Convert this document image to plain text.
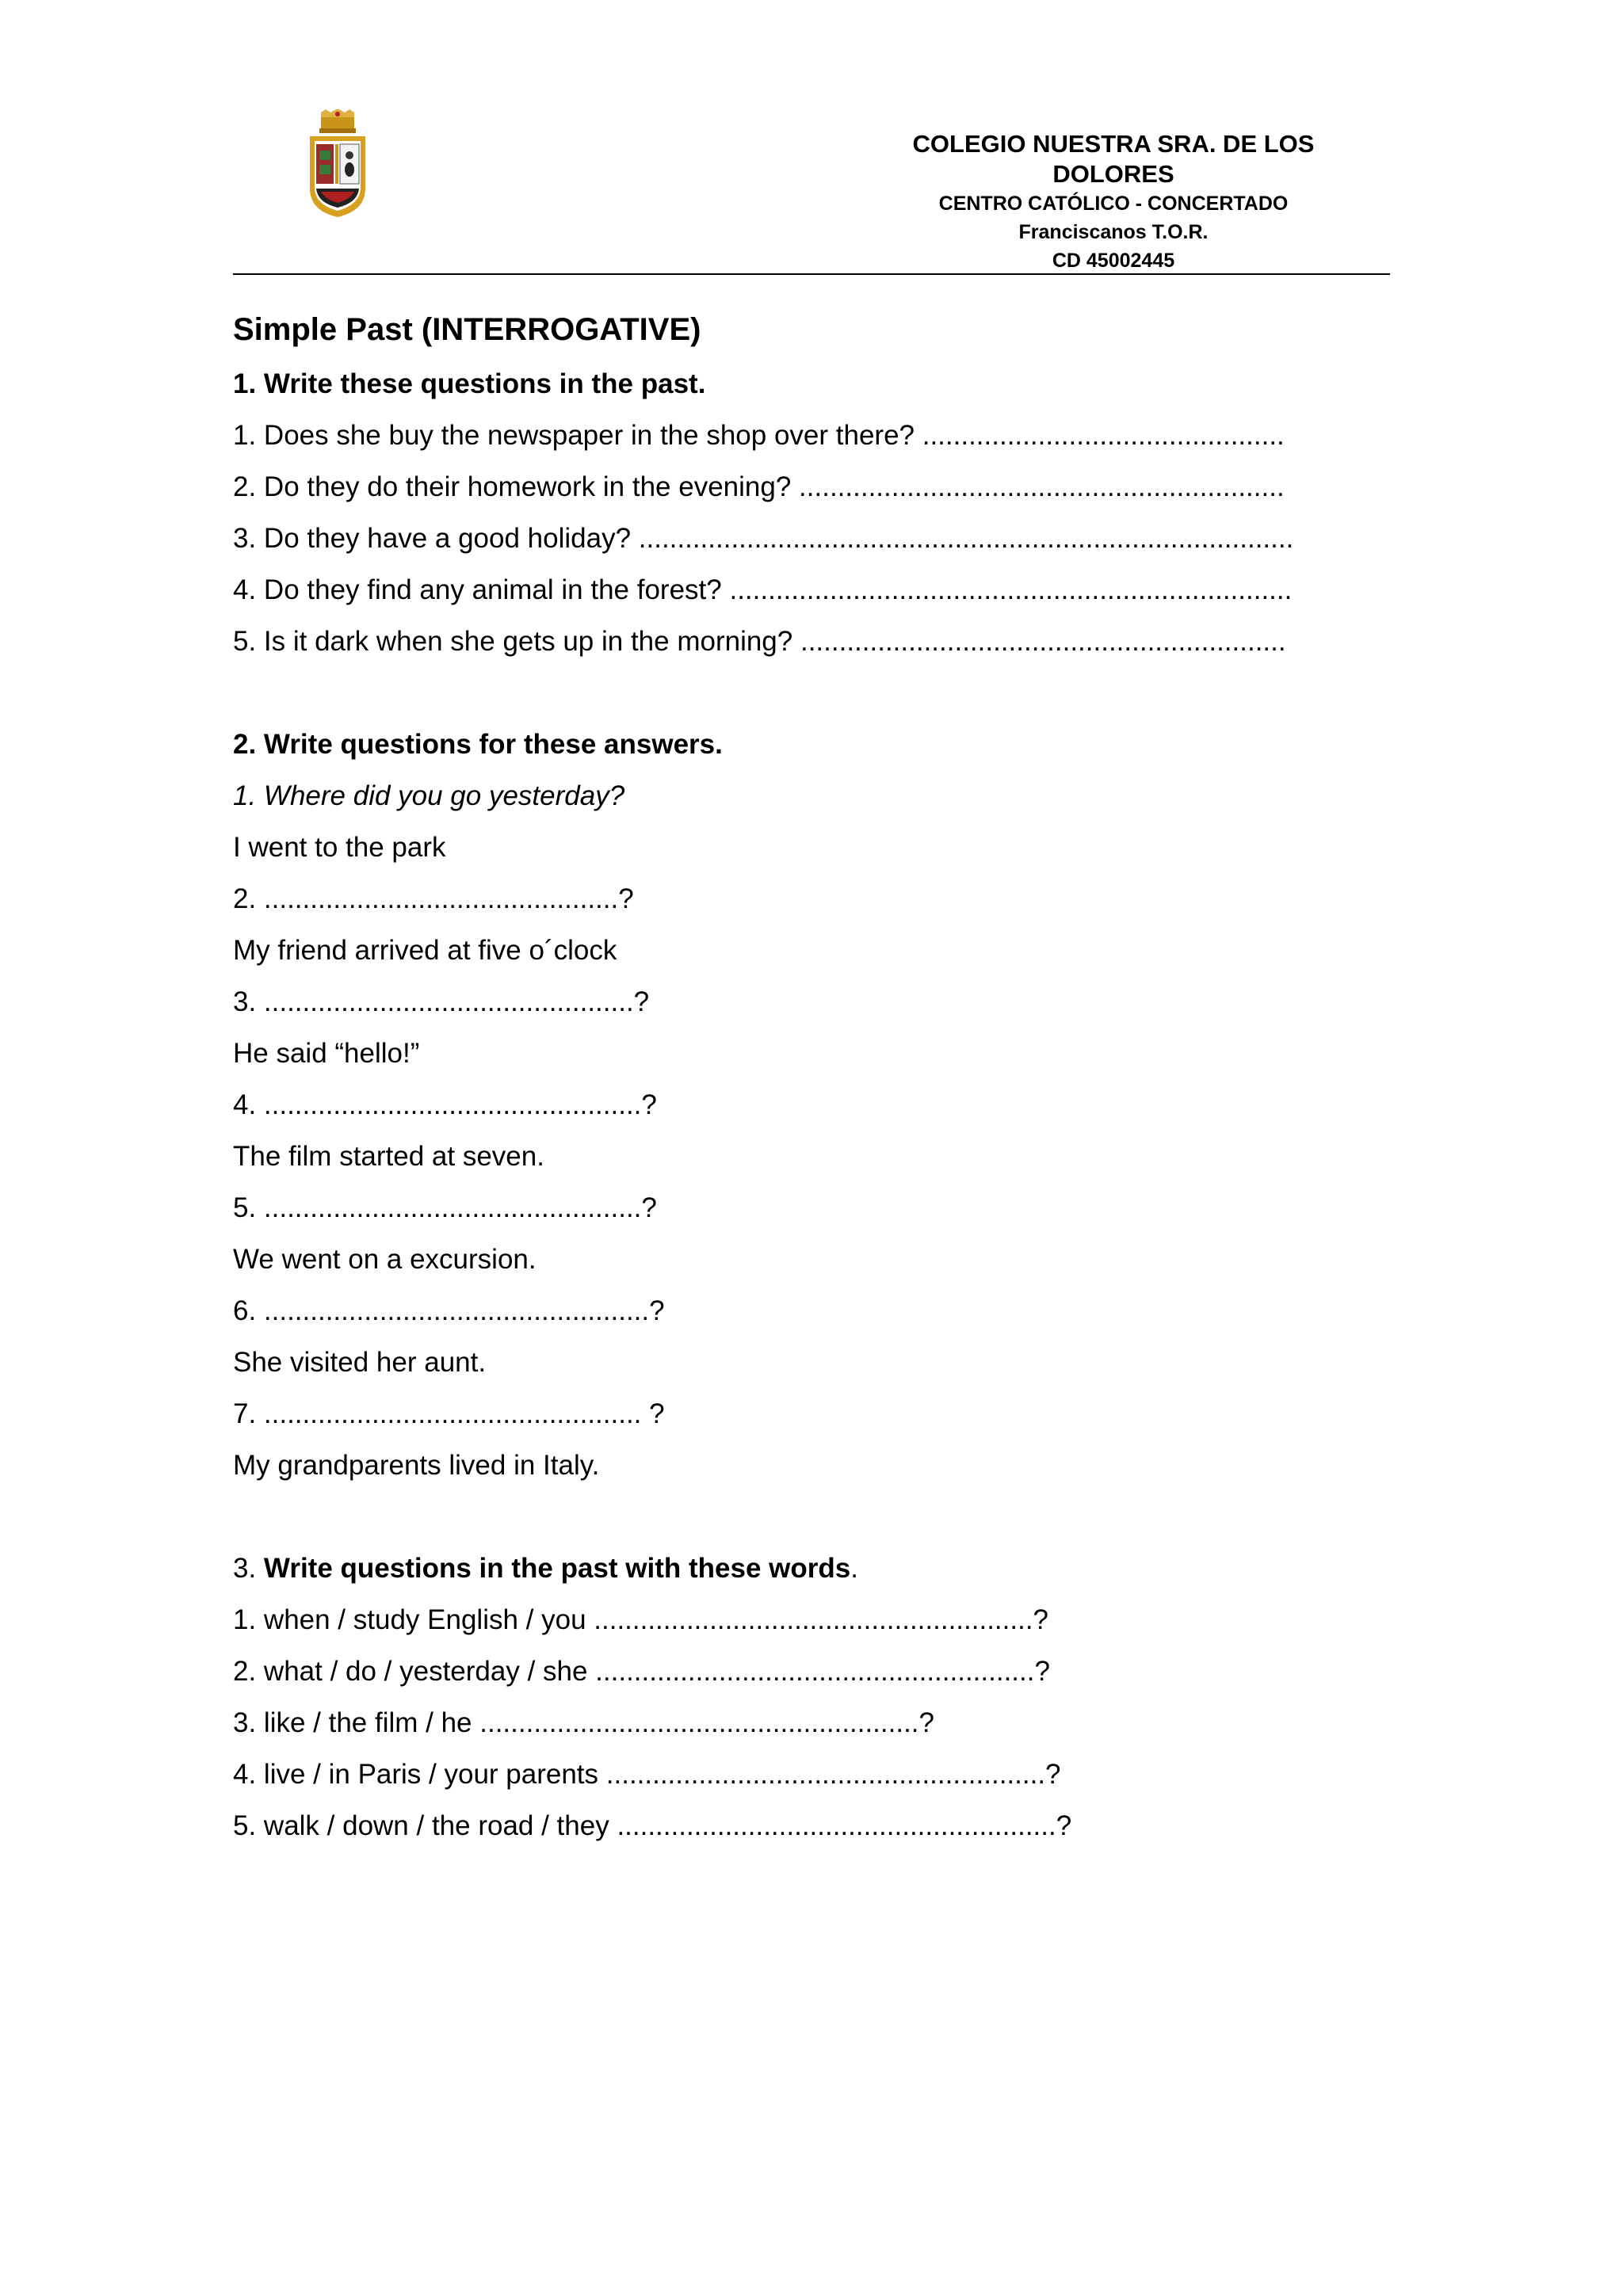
COLEGIO NUESTRA SRA. DE LOS DOLORES
CENTRO CATÓLICO - CONCERTADO
Franciscanos T.O.R.
CD 45002445
Simple Past (INTERROGATIVE)
1. Write these questions in the past.
1. Does she buy the newspaper in the shop over there? ...............................................
2. Do they do their homework in the evening? ...............................................................
3. Do they have a good holiday? .....................................................................................
4. Do they find any animal in the forest? .........................................................................
5. Is it dark when she gets up in the morning? ...............................................................
2. Write questions for these answers.
1. Where did you go yesterday?
I went to the park
2. ..............................................?
My friend arrived at five o´clock
3. ................................................?
He said “hello!”
4. .................................................?
The film started at seven.
5. .................................................?
We went on a excursion.
6. ..................................................?
She visited her aunt.
7. ................................................. ?
My grandparents lived in Italy.
3. Write questions in the past with these words.
1. when / study English / you .........................................................?
2. what / do / yesterday / she .........................................................?
3. like / the film / he .........................................................?
4. live / in Paris / your parents .........................................................?
5. walk / down / the road / they .........................................................?
